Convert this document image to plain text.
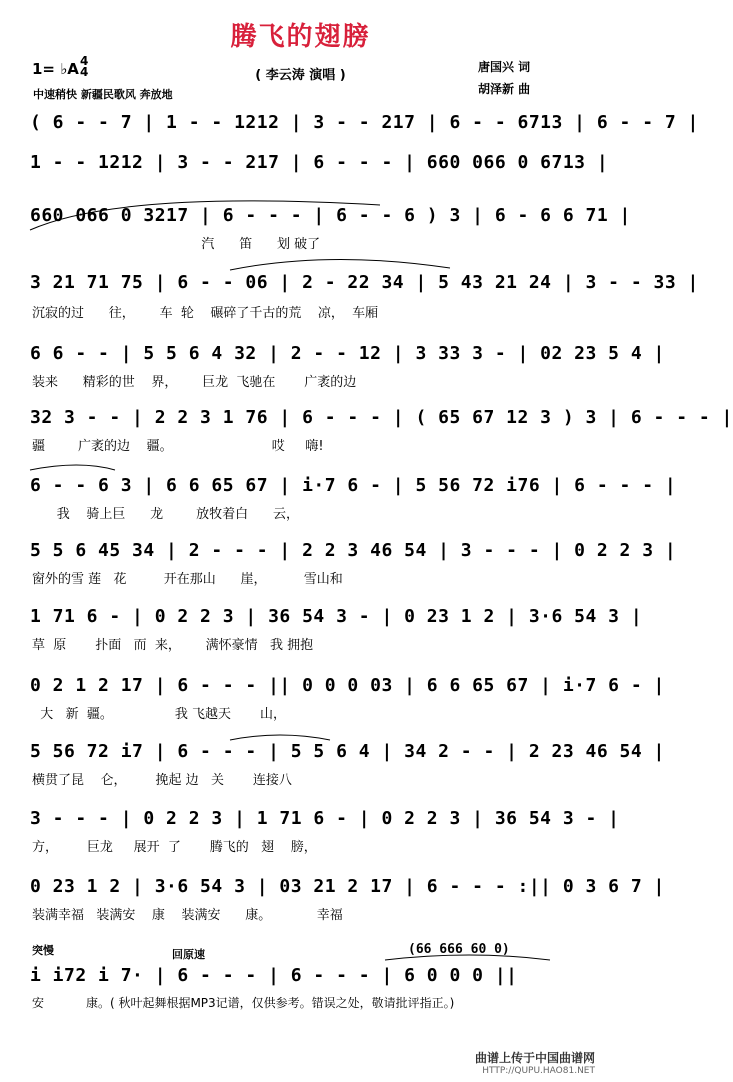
腾飞的翅膀
1= ♭A 4
4	( 李云涛 演唱 )
唐国兴 词
胡泽新 曲
中速稍快 新疆民歌风 奔放地
( 6 - - 7 | 1 - - 1212 | 3 - - 217 | 6 - - 6713 | 6 - - 7 |
1 - - 1212 | 3 - - 217 | 6 - - - | 660 066 0 6713 |
660 066 0 3217 | 6 - - - | 6 - - 6 ) 3 | 6 - 6 6 71 |
汽      笛      划 破了
3 21 71 75 | 6 - - 06 | 2 - 22 34 | 5 43 21 24 | 3 - - 33 |
沉寂的过      往，      车  轮    碾碎了千古的荒    凉，  车厢
6 6 - - | 5 5 6 4 32 | 2 - - 12 | 3 33 3 - | 02 23 5 4 |
装来      精彩的世    界，      巨龙  飞驰在       广袤的边
32 3 - - | 2 2 3 1 76 | 6 - - - | ( 65 67 12 3 ) 3 | 6 - - - |
疆        广袤的边    疆。                        哎     嗨!
6 - - 6 3 | 6 6 65 67 | i·7 6 - | 5 56 72 i76 | 6 - - - |
我    骑上巨      龙        放牧着白      云，
5 5 6 45 34 | 2 - - - | 2 2 3 46 54 | 3 - - - | 0 2 2 3 |
窗外的雪 莲   花         开在那山      崖，         雪山和
1 71 6 - | 0 2 2 3 | 36 54 3 - | 0 23 1 2 | 3·6 54 3 |
草  原       扑面   而  来，      满怀豪情   我 拥抱
0 2 1 2 17 | 6 - - - || 0 0 0 03 | 6 6 65 67 | i·7 6 - |
大   新  疆。               我 飞越天       山，
5 56 72 i7 | 6 - - - | 5 5 6 4 | 34 2 - - | 2 23 46 54 |
横贯了昆    仑，       挽起 边   关       连接八
3 - - - | 0 2 2 3 | 1 71 6 - | 0 2 2 3 | 36 54 3 - |
方，       巨龙     展开  了       腾飞的   翅    膀，
0 23 1 2 | 3·6 54 3 | 03 21 2 17 | 6 - - - :|| 0 3 6 7 |
装满幸福   装满安    康    装满安      康。           幸福
突慢	回原速	(66 666 60 0)
i i72 i 7· | 6 - - - | 6 - - - | 6 0 0 0 ||
安           康。( 秋叶起舞根据MP3记谱，仅供参考。错误之处，敬请批评指正。)
曲谱上传于中国曲谱网
HTTP://QUPU.HAO81.NET
